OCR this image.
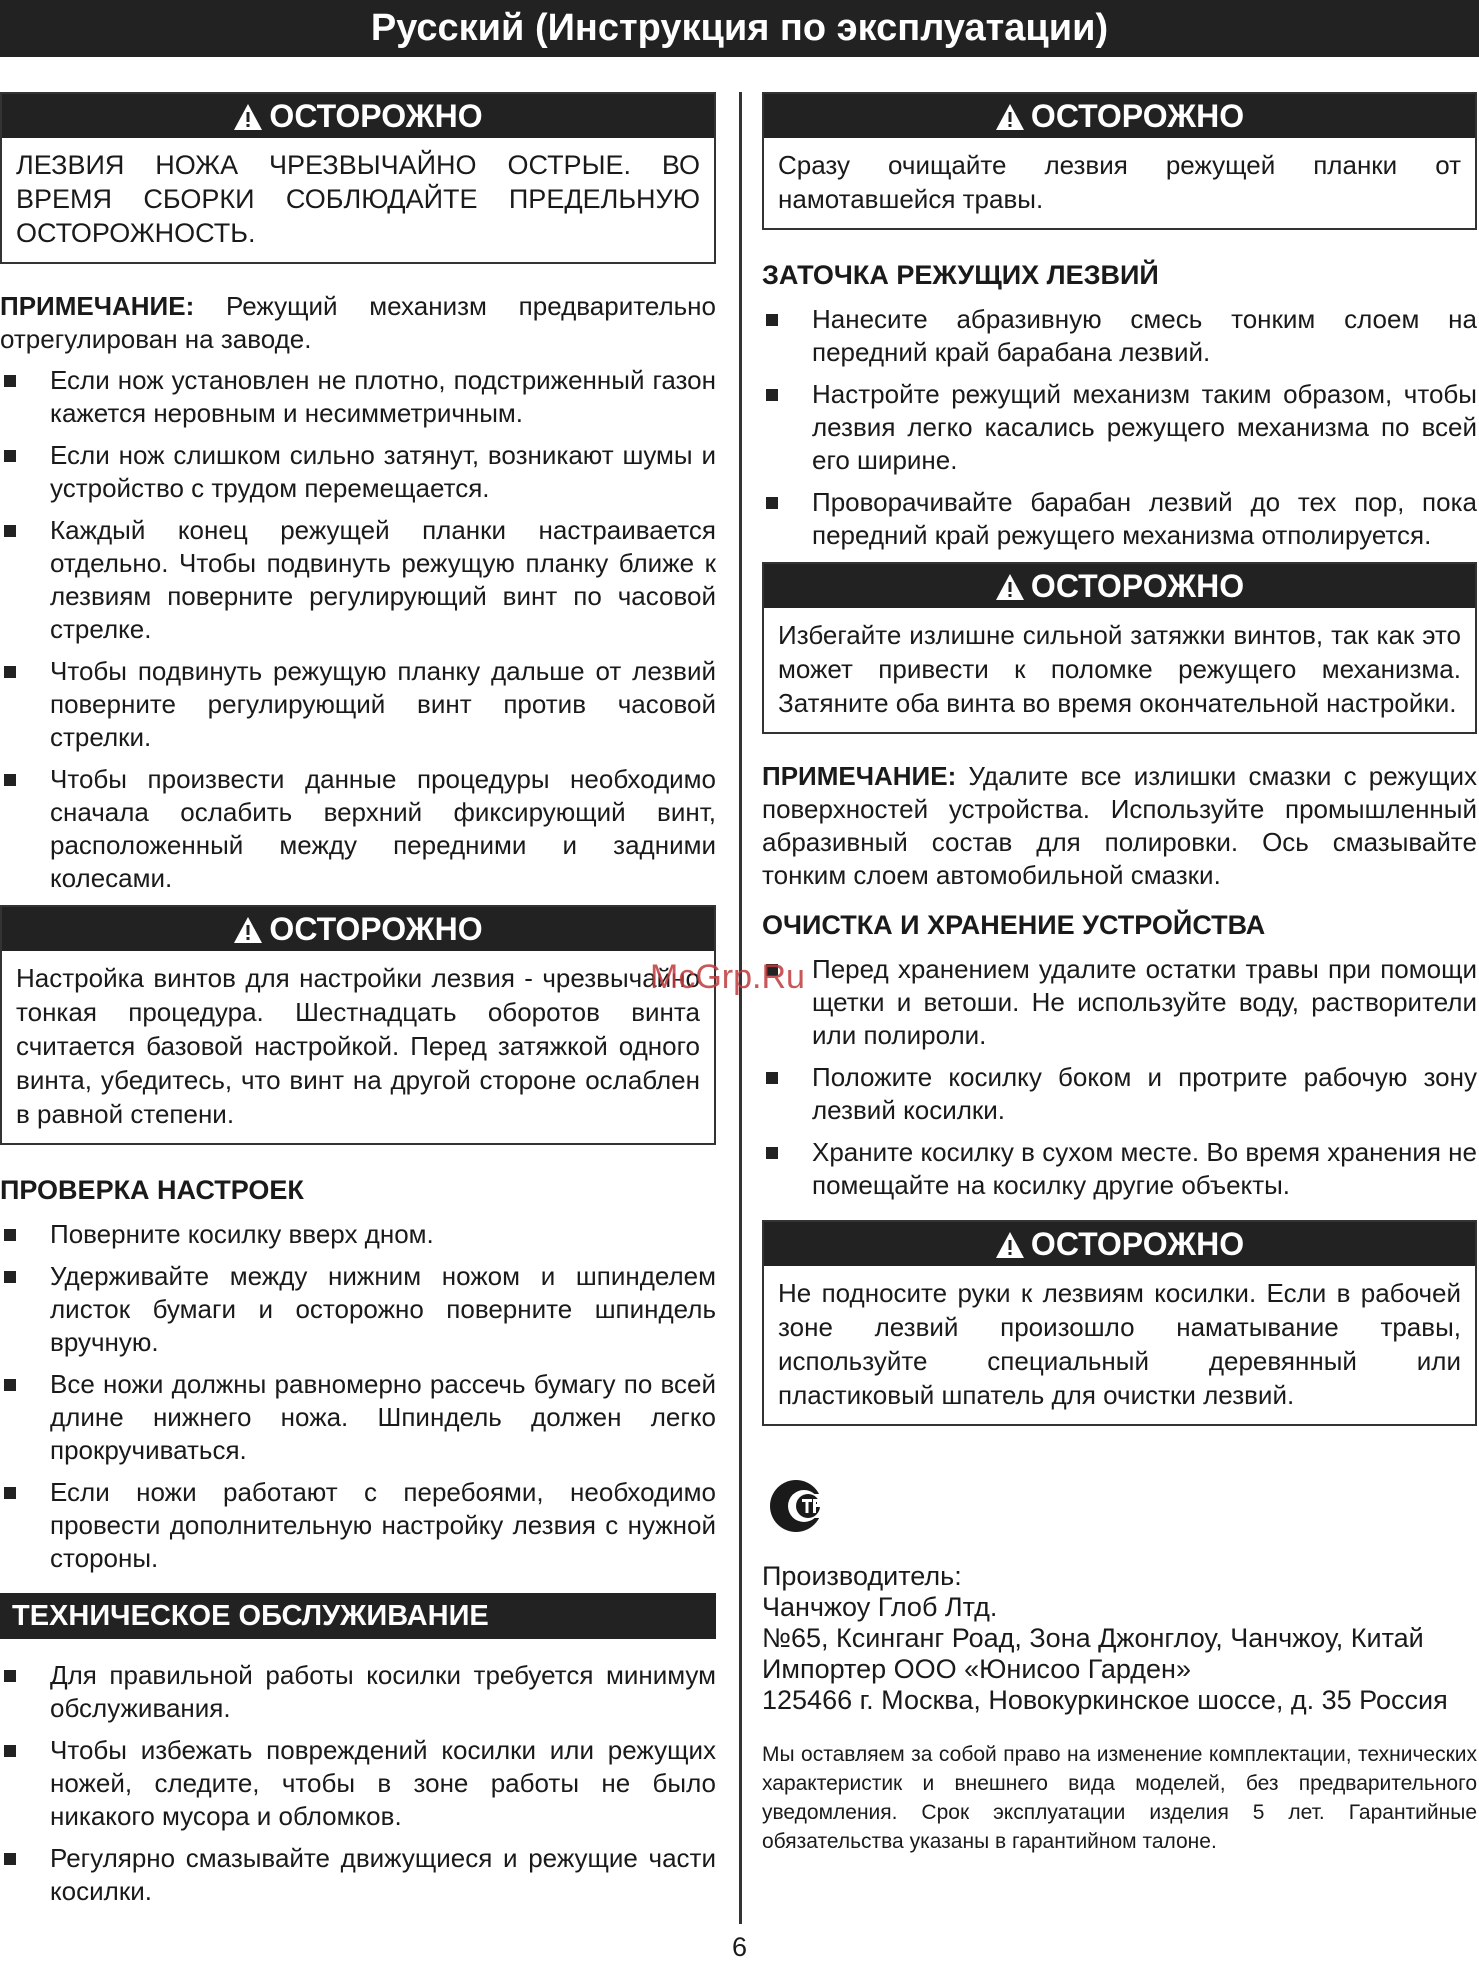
Русский (Инструкция по эксплуатации)
ОСТОРОЖНО
ЛЕЗВИЯ НОЖА ЧРЕЗВЫЧАЙНО ОСТРЫЕ. ВО ВРЕМЯ СБОРКИ СОБЛЮДАЙТЕ ПРЕДЕЛЬНУЮ ОСТОРОЖНОСТЬ.

ПРИМЕЧАНИЕ: Режущий механизм предварительно отрегулирован на заводе.

Если нож установлен не плотно, подстриженный газон кажется неровным и несимметричным.
Если нож слишком сильно затянут, возникают шумы и устройство с трудом перемещается.
Каждый конец режущей планки настраивается отдельно. Чтобы подвинуть режущую планку ближе к лезвиям поверните регулирующий винт по часовой стрелке.
Чтобы подвинуть режущую планку дальше от лезвий поверните регулирующий винт против часовой стрелки.
Чтобы произвести данные процедуры необходимо сначала ослабить верхний фиксирующий винт, расположенный между передними и задними колесами.
ОСТОРОЖНО
Настройка винтов для настройки лезвия - чрезвычайно тонкая процедура. Шестнадцать оборотов винта считается базовой настройкой. Перед затяжкой одного винта, убедитесь, что винт на другой стороне ослаблен в равной степени.
ПРОВЕРКА НАСТРОЕК
Поверните косилку вверх дном.
Удерживайте между нижним ножом и шпинделем листок бумаги и осторожно поверните шпиндель вручную.
Все ножи должны равномерно рассечь бумагу по всей длине нижнего ножа. Шпиндель должен легко прокручиваться.
Если ножи работают с перебоями, необходимо провести дополнительную настройку лезвия с нужной стороны.
ТЕХНИЧЕСКОЕ ОБСЛУЖИВАНИЕ
Для правильной работы косилки требуется минимум обслуживания.
Чтобы избежать повреждений косилки или режущих ножей, следите, чтобы в зоне работы не было никакого мусора и обломков.
Регулярно смазывайте движущиеся и режущие части косилки.
ОСТОРОЖНО
Сразу очищайте лезвия режущей планки от намотавшейся травы.
ЗАТОЧКА РЕЖУЩИХ ЛЕЗВИЙ
Нанесите абразивную смесь тонким слоем на передний край барабана лезвий.
Настройте режущий механизм таким образом, чтобы лезвия легко касались режущего механизма по всей его ширине.
Проворачивайте барабан лезвий до тех пор, пока передний край режущего механизма отполируется.
ОСТОРОЖНО
Избегайте излишне сильной затяжки винтов, так как это может привести к поломке режущего механизма. Затяните оба винта во время окончательной настройки.

ПРИМЕЧАНИЕ: Удалите все излишки смазки с режущих поверхностей устройства. Используйте промышленный абразивный состав для полировки. Ось смазывайте тонким слоем автомобильной смазки.

ОЧИСТКА И ХРАНЕНИЕ УСТРОЙСТВА
Перед хранением удалите остатки травы при помощи щетки и ветоши. Не используйте воду, растворители или полироли.
Положите косилку боком и протрите рабочую зону лезвий косилки.
Храните косилку в сухом месте. Во время хранения не помещайте на косилку другие объекты.
ОСТОРОЖНО
Не подносите руки к лезвиям косилки. Если в рабочей зоне лезвий произошло наматывание травы, используйте специальный деревянный или пластиковый шпатель для очистки лезвий.
Производитель:
Чанчжоу Глоб Лтд.
№65, Ксинганг Роад, Зона Джонглоу, Чанчжоу, Китай
Импортер ООО «Юнисоо Гарден»
125466 г. Москва, Новокуркинское шоссе, д. 35 Россия
Мы оставляем за собой право на изменение комплектации, технических характеристик и внешнего вида моделей, без предварительного уведомления. Срок эксплуатации изделия 5 лет. Гарантийные обязательства указаны в гарантийном талоне.
McGrp.Ru
6
